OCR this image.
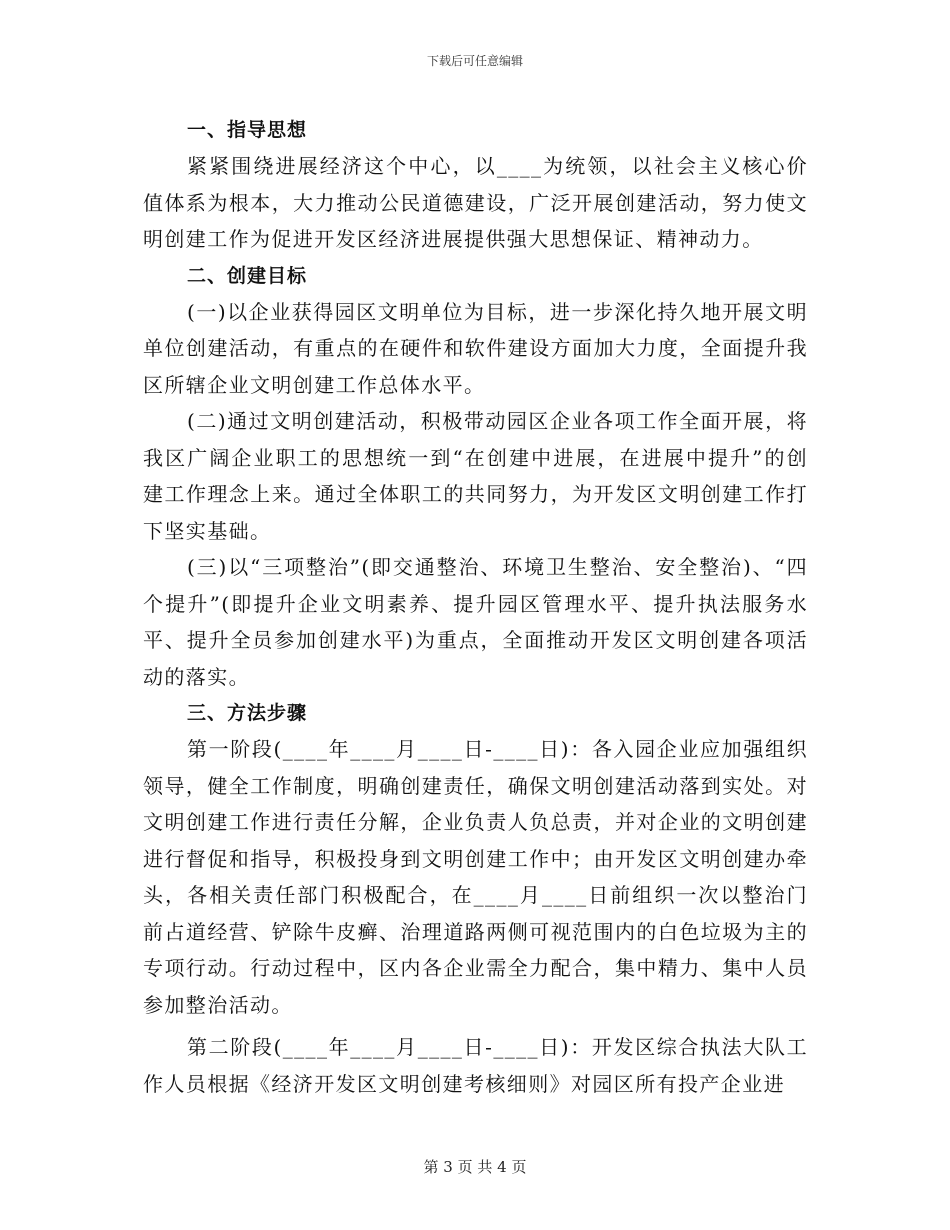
下载后可任意编辑
一、指导思想

紧紧围绕进展经济这个中心，以____为统领，以社会主义核心价值体系为根本，大力推动公民道德建设，广泛开展创建活动，努力使文明创建工作为促进开发区经济进展提供强大思想保证、精神动力。

二、创建目标

(一)以企业获得园区文明单位为目标，进一步深化持久地开展文明单位创建活动，有重点的在硬件和软件建设方面加大力度，全面提升我区所辖企业文明创建工作总体水平。

(二)通过文明创建活动，积极带动园区企业各项工作全面开展，将我区广阔企业职工的思想统一到“在创建中进展，在进展中提升”的创建工作理念上来。通过全体职工的共同努力，为开发区文明创建工作打下坚实基础。

(三)以“三项整治”(即交通整治、环境卫生整治、安全整治)、“四个提升”(即提升企业文明素养、提升园区管理水平、提升执法服务水平、提升全员参加创建水平)为重点，全面推动开发区文明创建各项活动的落实。

三、方法步骤

第一阶段(____年____月____日-____日)：各入园企业应加强组织领导，健全工作制度，明确创建责任，确保文明创建活动落到实处。对文明创建工作进行责任分解，企业负责人负总责，并对企业的文明创建进行督促和指导，积极投身到文明创建工作中；由开发区文明创建办牵头，各相关责任部门积极配合，在____月____日前组织一次以整治门前占道经营、铲除牛皮癣、治理道路两侧可视范围内的白色垃圾为主的专项行动。行动过程中，区内各企业需全力配合，集中精力、集中人员参加整治活动。

第二阶段(____年____月____日-____日)：开发区综合执法大队工作人员根据《经济开发区文明创建考核细则》对园区所有投产企业进

第 3 页 共 4 页
